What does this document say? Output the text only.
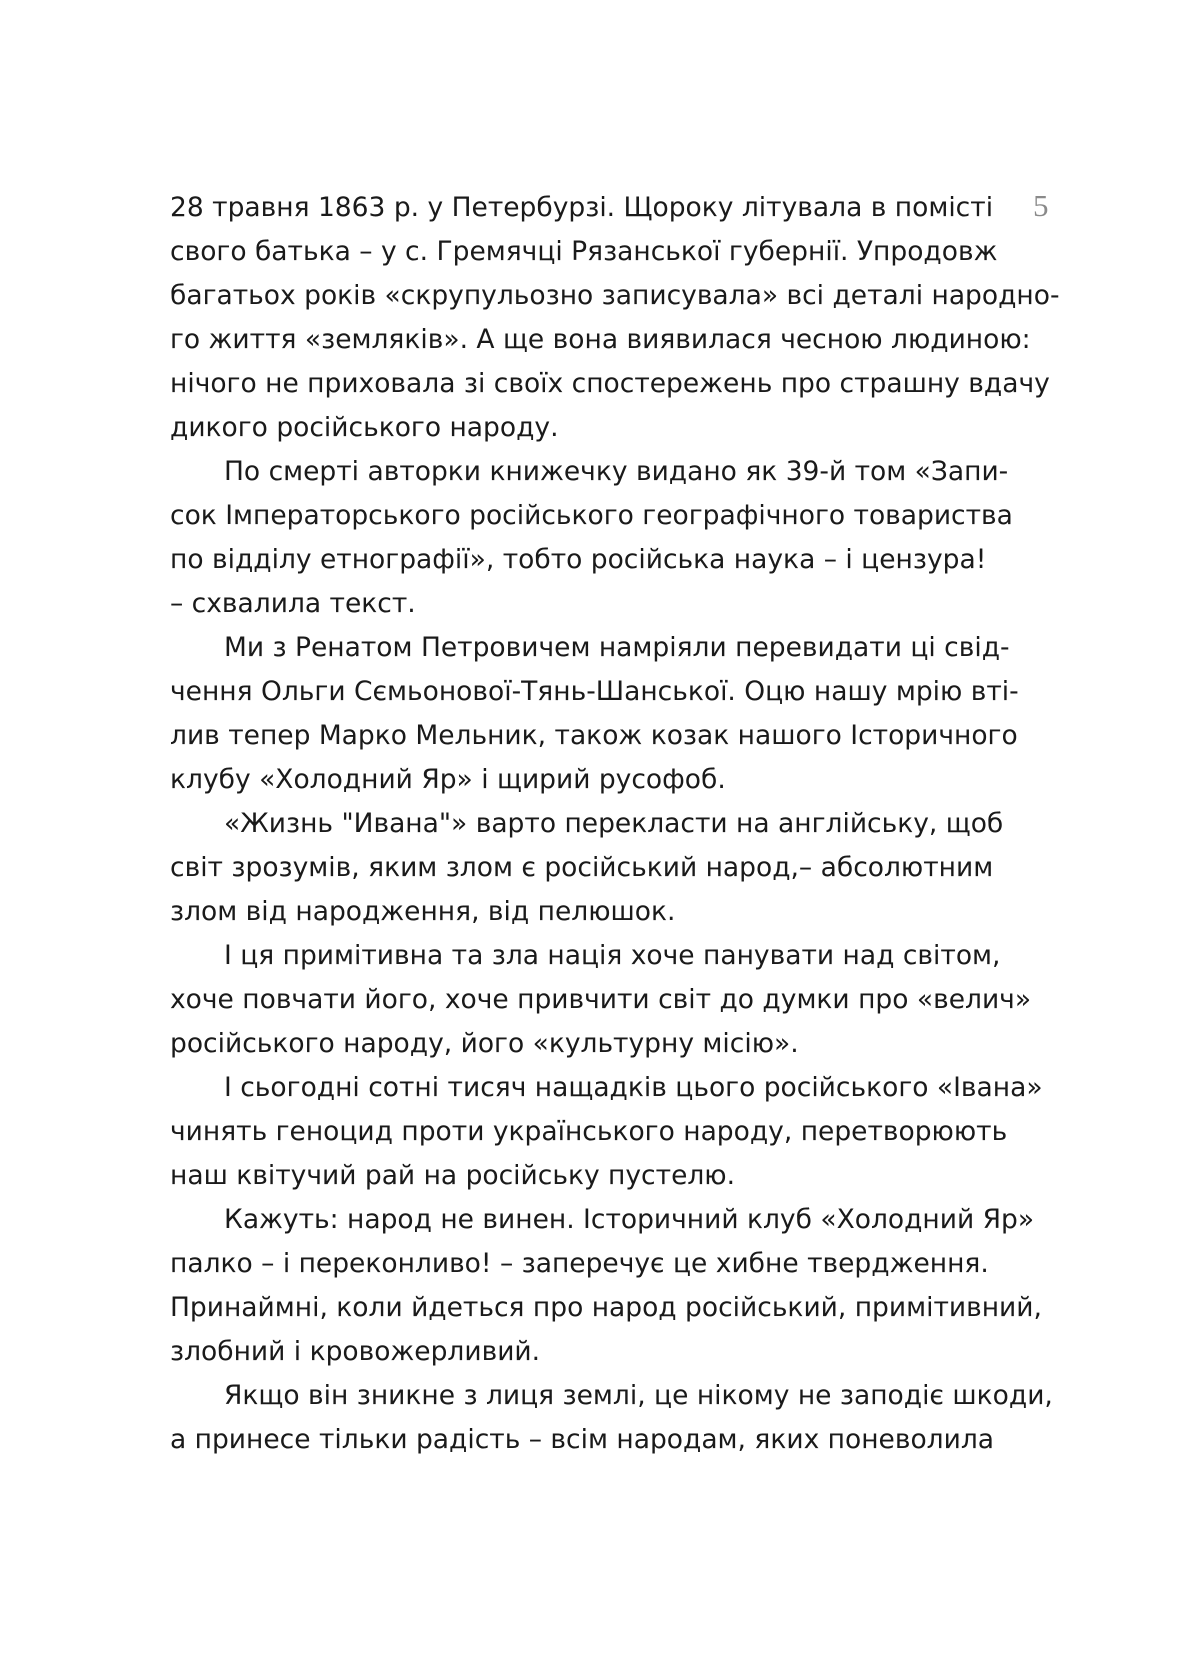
5
28 травня 1863 р. у Петербурзі. Щороку літувала в помісті
свого батька – у с. Гремячці Рязанської губернії. Упродовж
багатьох років «скрупульозно записувала» всі деталі народно-
го життя «земляків». А ще вона виявилася чесною людиною:
нічого не приховала зі своїх спостережень про страшну вдачу
дикого російського народу.
По смерті авторки книжечку видано як 39-й том «Запи-
сок Імператорського російського географічного товариства
по відділу етнографії», тобто російська наука – і цензура!
– схвалила текст.
Ми з Ренатом Петровичем намріяли перевидати ці свід-
чення Ольги Сємьонової-Тянь-Шанської. Оцю нашу мрію вті-
лив тепер Марко Мельник, також козак нашого Історичного
клубу «Холодний Яр» і щирий русофоб.
«Жизнь "Ивана"» варто перекласти на англійську, щоб
світ зрозумів, яким злом є російський народ,– абсолютним
злом від народження, від пелюшок.
І ця примітивна та зла нація хоче панувати над світом,
хоче повчати його, хоче привчити світ до думки про «велич»
російського народу, його «культурну місію».
І сьогодні сотні тисяч нащадків цього російського «Івана»
чинять геноцид проти українського народу, перетворюють
наш квітучий рай на російську пустелю.
Кажуть: народ не винен. Історичний клуб «Холодний Яр»
палко – і переконливо! – заперечує це хибне твердження.
Принаймні, коли йдеться про народ російський, примітивний,
злобний і кровожерливий.
Якщо він зникне з лиця землі, це нікому не заподіє шкоди,
а принесе тільки радість – всім народам, яких поневолила
